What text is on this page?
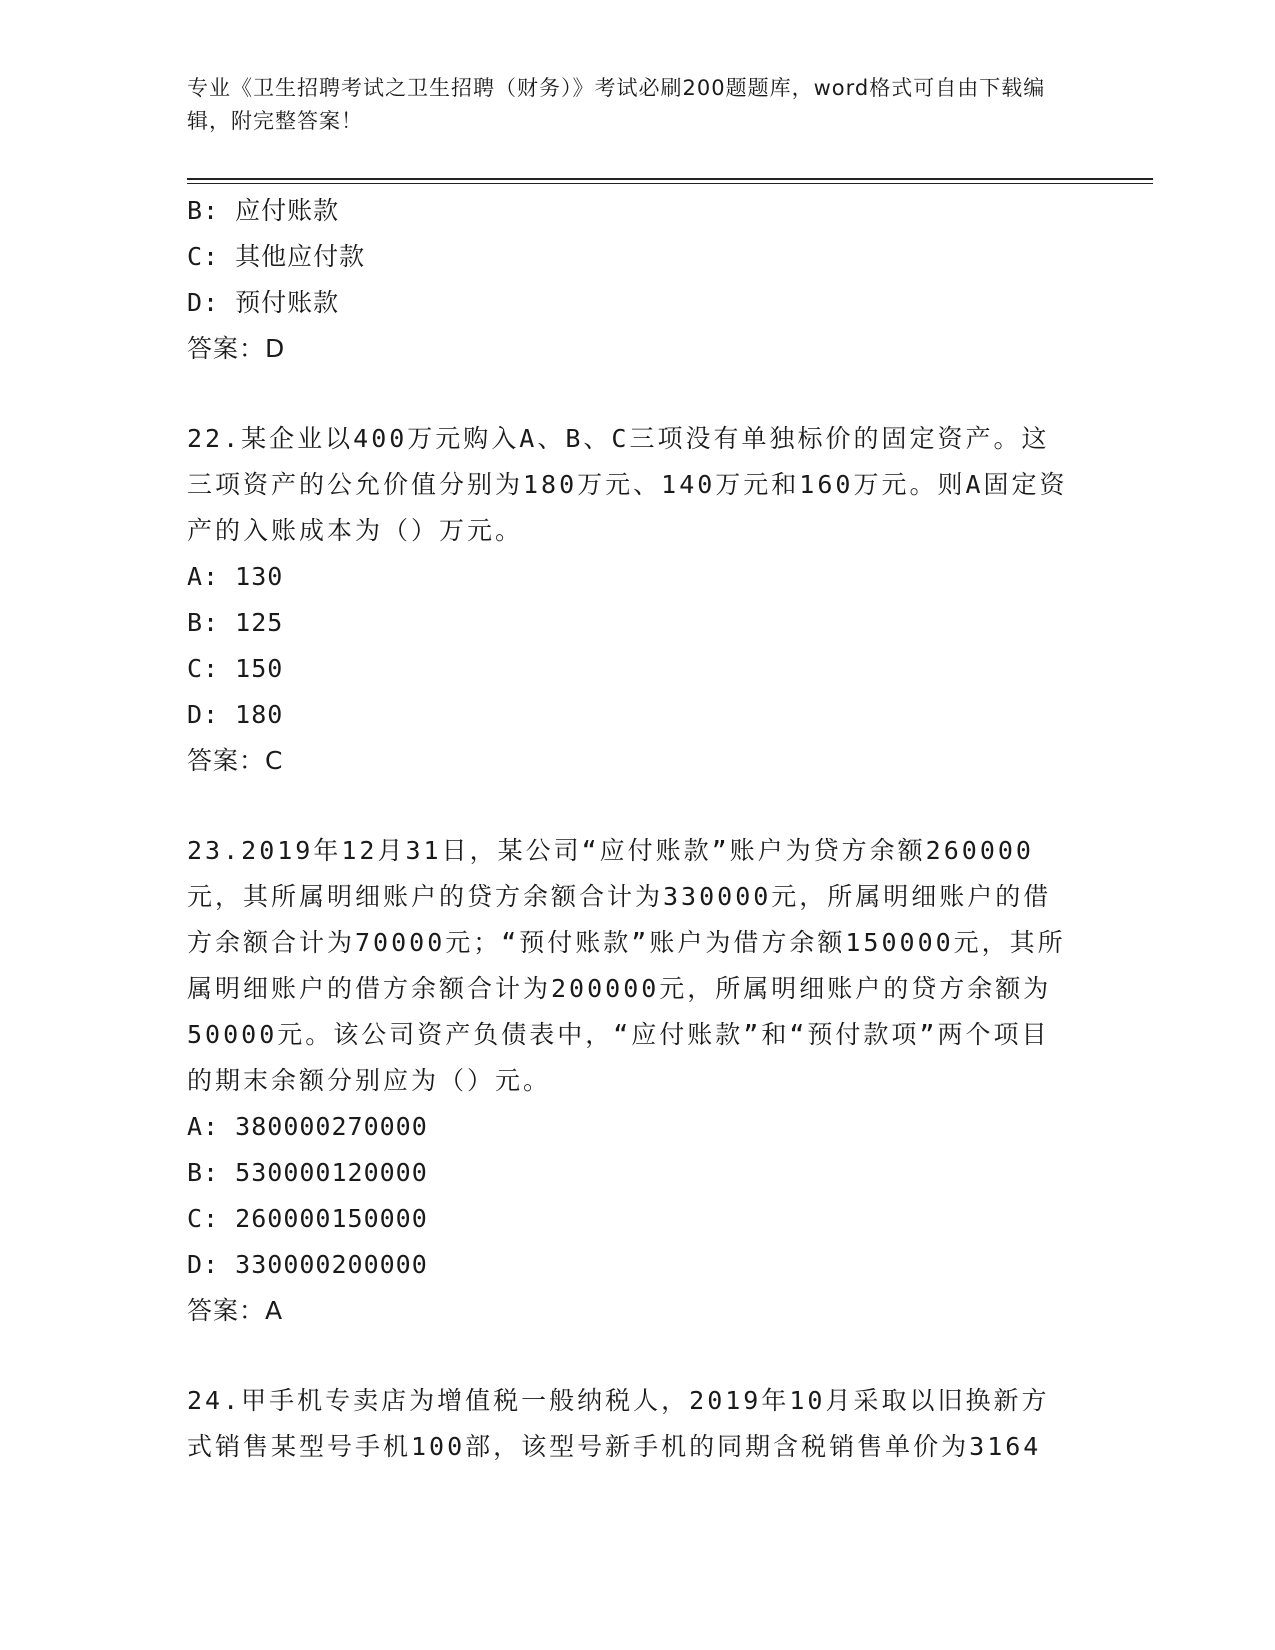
专业《卫生招聘考试之卫生招聘（财务）》考试必刷200题题库，word格式可自由下载编辑，附完整答案！
B: 应付账款
C: 其他应付款
D: 预付账款
答案：D
22.某企业以400万元购入A、B、C三项没有单独标价的固定资产。这三项资产的公允价值分别为180万元、140万元和160万元。则A固定资产的入账成本为（）万元。
A: 130
B: 125
C: 150
D: 180
答案：C
23.2019年12月31日，某公司“应付账款”账户为贷方余额260000元，其所属明细账户的贷方余额合计为330000元，所属明细账户的借方余额合计为70000元；“预付账款”账户为借方余额150000元，其所属明细账户的借方余额合计为200000元，所属明细账户的贷方余额为50000元。该公司资产负债表中，“应付账款”和“预付款项”两个项目的期末余额分别应为（）元。
A: 380000270000
B: 530000120000
C: 260000150000
D: 330000200000
答案：A
24.甲手机专卖店为增值税一般纳税人，2019年10月采取以旧换新方式销售某型号手机100部，该型号新手机的同期含税销售单价为3164
